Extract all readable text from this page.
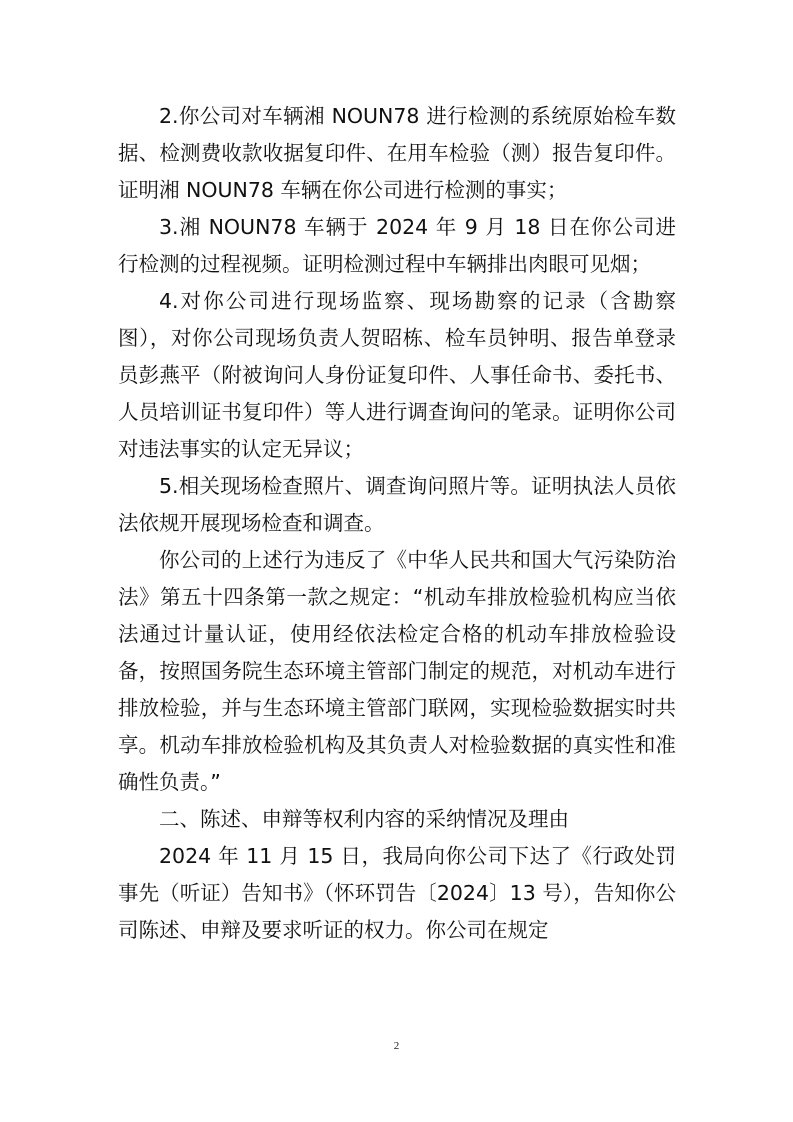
2.你公司对车辆湘 NOUN78 进行检测的系统原始检车数据、检测费收款收据复印件、在用车检验（测）报告复印件。证明湘 NOUN78 车辆在你公司进行检测的事实；

3.湘 NOUN78 车辆于 2024 年 9 月 18 日在你公司进行检测的过程视频。证明检测过程中车辆排出肉眼可见烟；

4.对你公司进行现场监察、现场勘察的记录（含勘察图），对你公司现场负责人贺昭栋、检车员钟明、报告单登录员彭燕平（附被询问人身份证复印件、人事任命书、委托书、人员培训证书复印件）等人进行调查询问的笔录。证明你公司对违法事实的认定无异议；

5.相关现场检查照片、调查询问照片等。证明执法人员依法依规开展现场检查和调查。

你公司的上述行为违反了《中华人民共和国大气污染防治法》第五十四条第一款之规定：“机动车排放检验机构应当依法通过计量认证，使用经依法检定合格的机动车排放检验设备，按照国务院生态环境主管部门制定的规范，对机动车进行排放检验，并与生态环境主管部门联网，实现检验数据实时共享。机动车排放检验机构及其负责人对检验数据的真实性和准确性负责。”

二、陈述、申辩等权利内容的采纳情况及理由

2024 年 11 月 15 日，我局向你公司下达了《行政处罚事先（听证）告知书》（怀环罚告〔2024〕13 号），告知你公司陈述、申辩及要求听证的权力。你公司在规定

2
